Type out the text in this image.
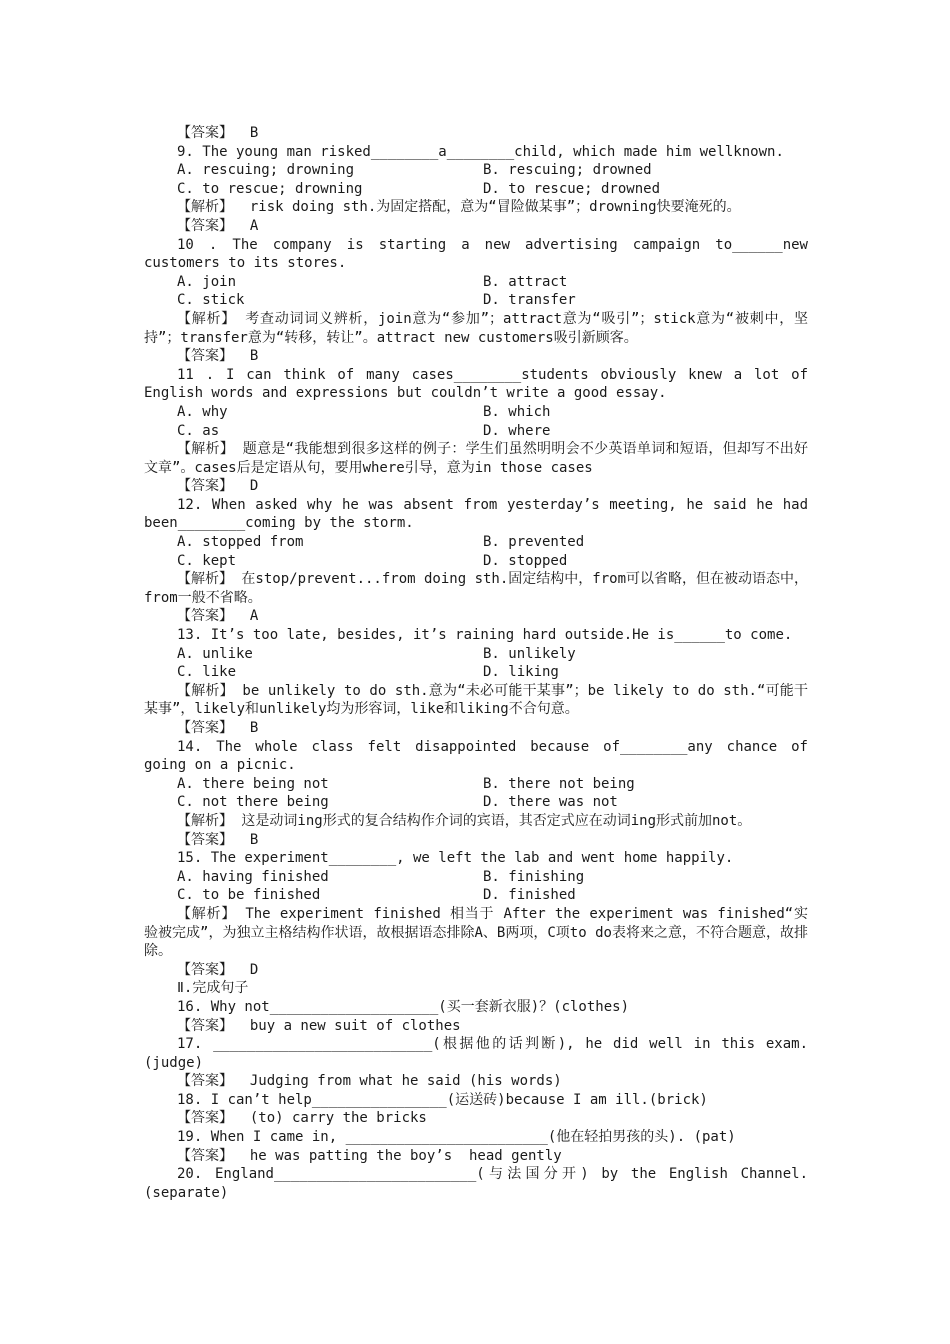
【答案】  B
9. The young man risked________a________child, which made him wellknown.
A. rescuing; drowning	B. rescuing; drowned
C. to rescue; drowning	D. to rescue; drowned
【解析】  risk doing sth.为固定搭配，意为“冒险做某事”；drowning快要淹死的。
【答案】  A
10 . The company is starting a new advertising campaign to______new customers to its stores.
A. join	B. attract
C. stick	D. transfer
【解析】 考查动词词义辨析，join意为“参加”；attract意为“吸引”；stick意为“被刺中，坚持”；transfer意为“转移，转让”。attract new customers吸引新顾客。
【答案】  B
11 . I can think of many cases________students obviously knew a lot of English words and expressions but couldn’t write a good essay.
A. why	B. which
C. as	D. where
【解析】 题意是“我能想到很多这样的例子：学生们虽然明明会不少英语单词和短语，但却写不出好文章”。cases后是定语从句，要用where引导，意为in those cases
【答案】  D
12. When asked why he was absent from yesterday’s meeting, he said he had been________coming by the storm.
A. stopped from	B. prevented
C. kept	D. stopped
【解析】 在stop/prevent...from doing sth.固定结构中，from可以省略，但在被动语态中，from一般不省略。
【答案】  A
13. It’s too late, besides, it’s raining hard outside.He is______to come.
A. unlike	B. unlikely
C. like	D. liking
【解析】 be unlikely to do sth.意为“未必可能干某事”；be likely to do sth.“可能干某事”，likely和unlikely均为形容词，like和liking不合句意。
【答案】  B
14. The whole class felt disappointed because of________any chance of going on a picnic.
A. there being not	B. there not being
C. not there being	D. there was not
【解析】 这是动词ing形式的复合结构作介词的宾语，其否定式应在动词ing形式前加not。
【答案】  B
15. The experiment________, we left the lab and went home happily.
A. having finished	B. finishing
C. to be finished	D. finished
【解析】 The experiment finished 相当于 After the experiment was finished“实验被完成”，为独立主格结构作状语，故根据语态排除A、B两项，C项to do表将来之意，不符合题意，故排除。
【答案】  D
Ⅱ.完成句子
16. Why not____________________(买一套新衣服)？(clothes)
【答案】  buy a new suit of clothes
17. __________________________(根据他的话判断), he did well in this exam.(judge)
【答案】  Judging from what he said (his words)
18. I can’t help________________(运送砖)because I am ill.(brick)
【答案】  (to) carry the bricks
19. When I came in, ________________________(他在轻拍男孩的头). (pat)
【答案】  he was patting the boy’s  head gently
20. England________________________(与法国分开) by the English Channel.(separate)
